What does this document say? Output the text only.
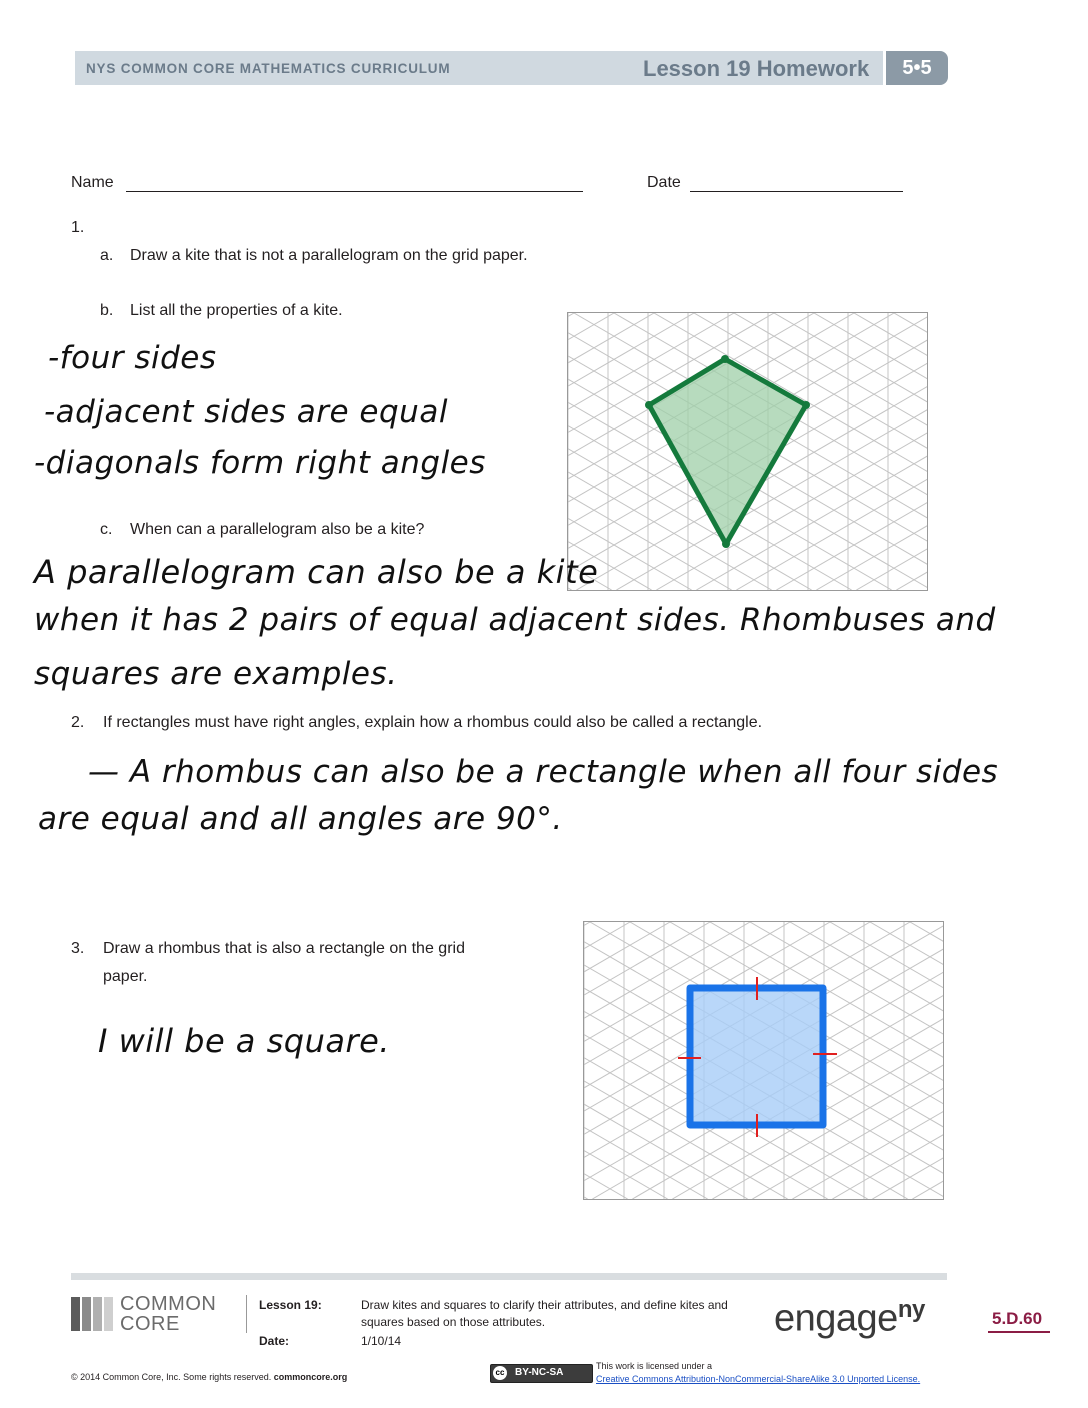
NYS COMMON CORE MATHEMATICS CURRICULUM	Lesson 19 Homework	5•5
Name	Date
1.
a. Draw a kite that is not a parallelogram on the grid paper.
b. List all the properties of a kite.
-four sides
-adjacent sides are equal
-diagonals form right angles
c. When can a parallelogram also be a kite?
A parallelogram can also be a kite
when it has 2 pairs of equal adjacent sides. Rhombuses and
squares are examples.
2. If rectangles must have right angles, explain how a rhombus could also be called a rectangle.
— A rhombus can also be a rectangle when all four sides
are equal and all angles are 90°.
3. Draw a rhombus that is also a rectangle on the grid
paper.
I will be a square.
COMMON
CORE
Lesson 19:	Draw kites and squares to clarify their attributes, and define kites and
squares based on those attributes.
Date:	1/10/14
engage$^{ny}$	5.D.60
© 2014 Common Core, Inc. Some rights reserved. commoncore.org	cc BY-NC-SA
This work is licensed under a
Creative Commons Attribution-NonCommercial-ShareAlike 3.0 Unported License.
